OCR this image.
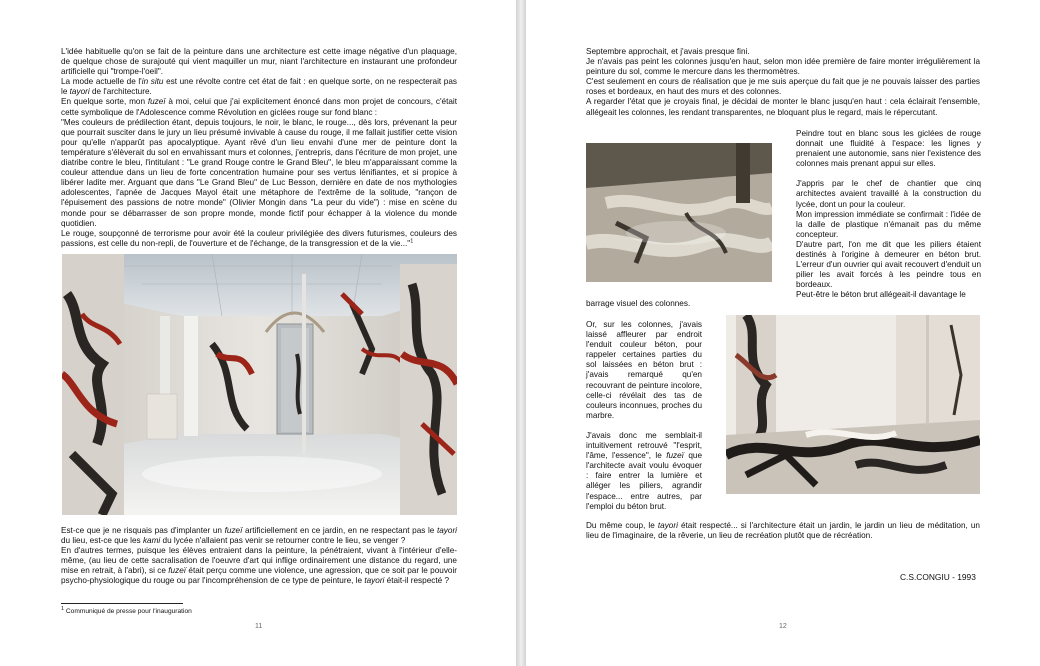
L'idée habituelle qu'on se fait de la peinture dans une architecture est cette image négative d'un plaquage, de quelque chose de surajouté qui vient maquiller un mur, niant l'architecture en instaurant une profondeur artificielle qui "trompe-l'oeil".

La mode actuelle de l'in situ est une révolte contre cet état de fait : en quelque sorte, on ne respecterait pas le tayori de l'architecture.

En quelque sorte, mon fuzeï à moi, celui que j'ai explicitement énoncé dans mon projet de concours, c'était cette symbolique de l'Adolescence comme Révolution en giclées rouge sur fond blanc :

"Mes couleurs de prédilection étant, depuis toujours, le noir, le blanc, le rouge..., dès lors, prévenant la peur que pourrait susciter dans le jury un lieu présumé invivable à cause du rouge, il me fallait justifier cette vision pour qu'elle n'apparût pas apocalyptique. Ayant rêvé d'un lieu envahi d'une mer de peinture dont la température s'élèverait du sol en envahissant murs et colonnes, j'entrepris, dans l'écriture de mon projet, une diatribe contre le bleu, l'intitulant : "Le grand Rouge contre le Grand Bleu", le bleu m'apparaissant comme la couleur attendue dans un lieu de forte concentration humaine pour ses vertus lénifiantes, et si propice à libérer ladite mer. Arguant que dans "Le Grand Bleu" de Luc Besson, dernière en date de nos mythologies adolescentes, l'apnée de Jacques Mayol était une métaphore de l'extrême de la solitude, "rançon de l'épuisement des passions de notre monde" (Olivier Mongin dans "La peur du vide") : mise en scène du monde pour se débarrasser de son propre monde, monde fictif pour échapper à la violence du monde quotidien.

Le rouge, soupçonné de terrorisme pour avoir été la couleur privilégiée des divers futurismes, couleurs des passions, est celle du non-repli, de l'ouverture et de l'échange, de la transgression et de la vie..."$^1$

Est-ce que je ne risquais pas d'implanter un fuzeï artificiellement en ce jardin, en ne respectant pas le tayori du lieu, est-ce que les kami du lycée n'allaient pas venir se retourner contre le lieu, se venger ?

En d'autres termes, puisque les élèves entraient dans la peinture, la pénétraient, vivant à l'intérieur d'elle-même, (au lieu de cette sacralisation de l'oeuvre d'art qui inflige ordinairement une distance du regard, une mise en retrait, à l'abri), si ce fuzeï était perçu comme une violence, une agression, que ce soit par le pouvoir psycho-physiologique du rouge ou par l'incompréhension de ce type de peinture, le tayori était-il respecté ?

$^1$ Communiqué de presse pour l'inauguration
11

Septembre approchait, et j'avais presque fini.

Je n'avais pas peint les colonnes jusqu'en haut, selon mon idée première de faire monter irrégulièrement la peinture du sol, comme le mercure dans les thermomètres.

C'est seulement en cours de réalisation que je me suis aperçue du fait que je ne pouvais laisser des parties roses et bordeaux, en haut des murs et des colonnes.

A regarder l'état que je croyais final, je décidai de monter le blanc jusqu'en haut : cela éclairait l'ensemble, allégeait les colonnes, les rendant transparentes, ne bloquant plus le regard, mais le répercutant.

Peindre tout en blanc sous les giclées de rouge donnait une fluidité à l'espace: les lignes y prenaient une autonomie, sans nier l'existence des colonnes mais prenant appui sur elles.

J'appris par le chef de chantier que cinq architectes avaient travaillé à la construction du lycée, dont un pour la couleur.

Mon impression immédiate se confirmait : l'idée de la dalle de plastique n'émanait pas du même concepteur.

D'autre part, l'on me dit que les piliers étaient destinés à l'origine à demeurer en béton brut. L'erreur d'un ouvrier qui avait recouvert d'enduit un pilier les avait forcés à les peindre tous en bordeaux.

Peut-être le béton brut allégeait-il davantage le

barrage visuel des colonnes.

Or, sur les colonnes, j'avais laissé affleurer par endroit l'enduit couleur béton, pour rappeler certaines parties du sol laissées en béton brut : j'avais remarqué qu'en recouvrant de peinture incolore, celle-ci révélait des tas de couleurs inconnues, proches du marbre.

J'avais donc me semblait-il intuitivement retrouvé "l'esprit, l'âme, l'essence", le fuzeï que l'architecte avait voulu évoquer : faire entrer la lumière et alléger les piliers, agrandir l'espace... entre autres, par l'emploi du béton brut.

Du même coup, le tayori était respecté... si l'architecture était un jardin, le jardin un lieu de méditation, un lieu de l'imaginaire, de la rêverie, un lieu de recréation plutôt que de récréation.

C.S.CONGIU - 1993
12
